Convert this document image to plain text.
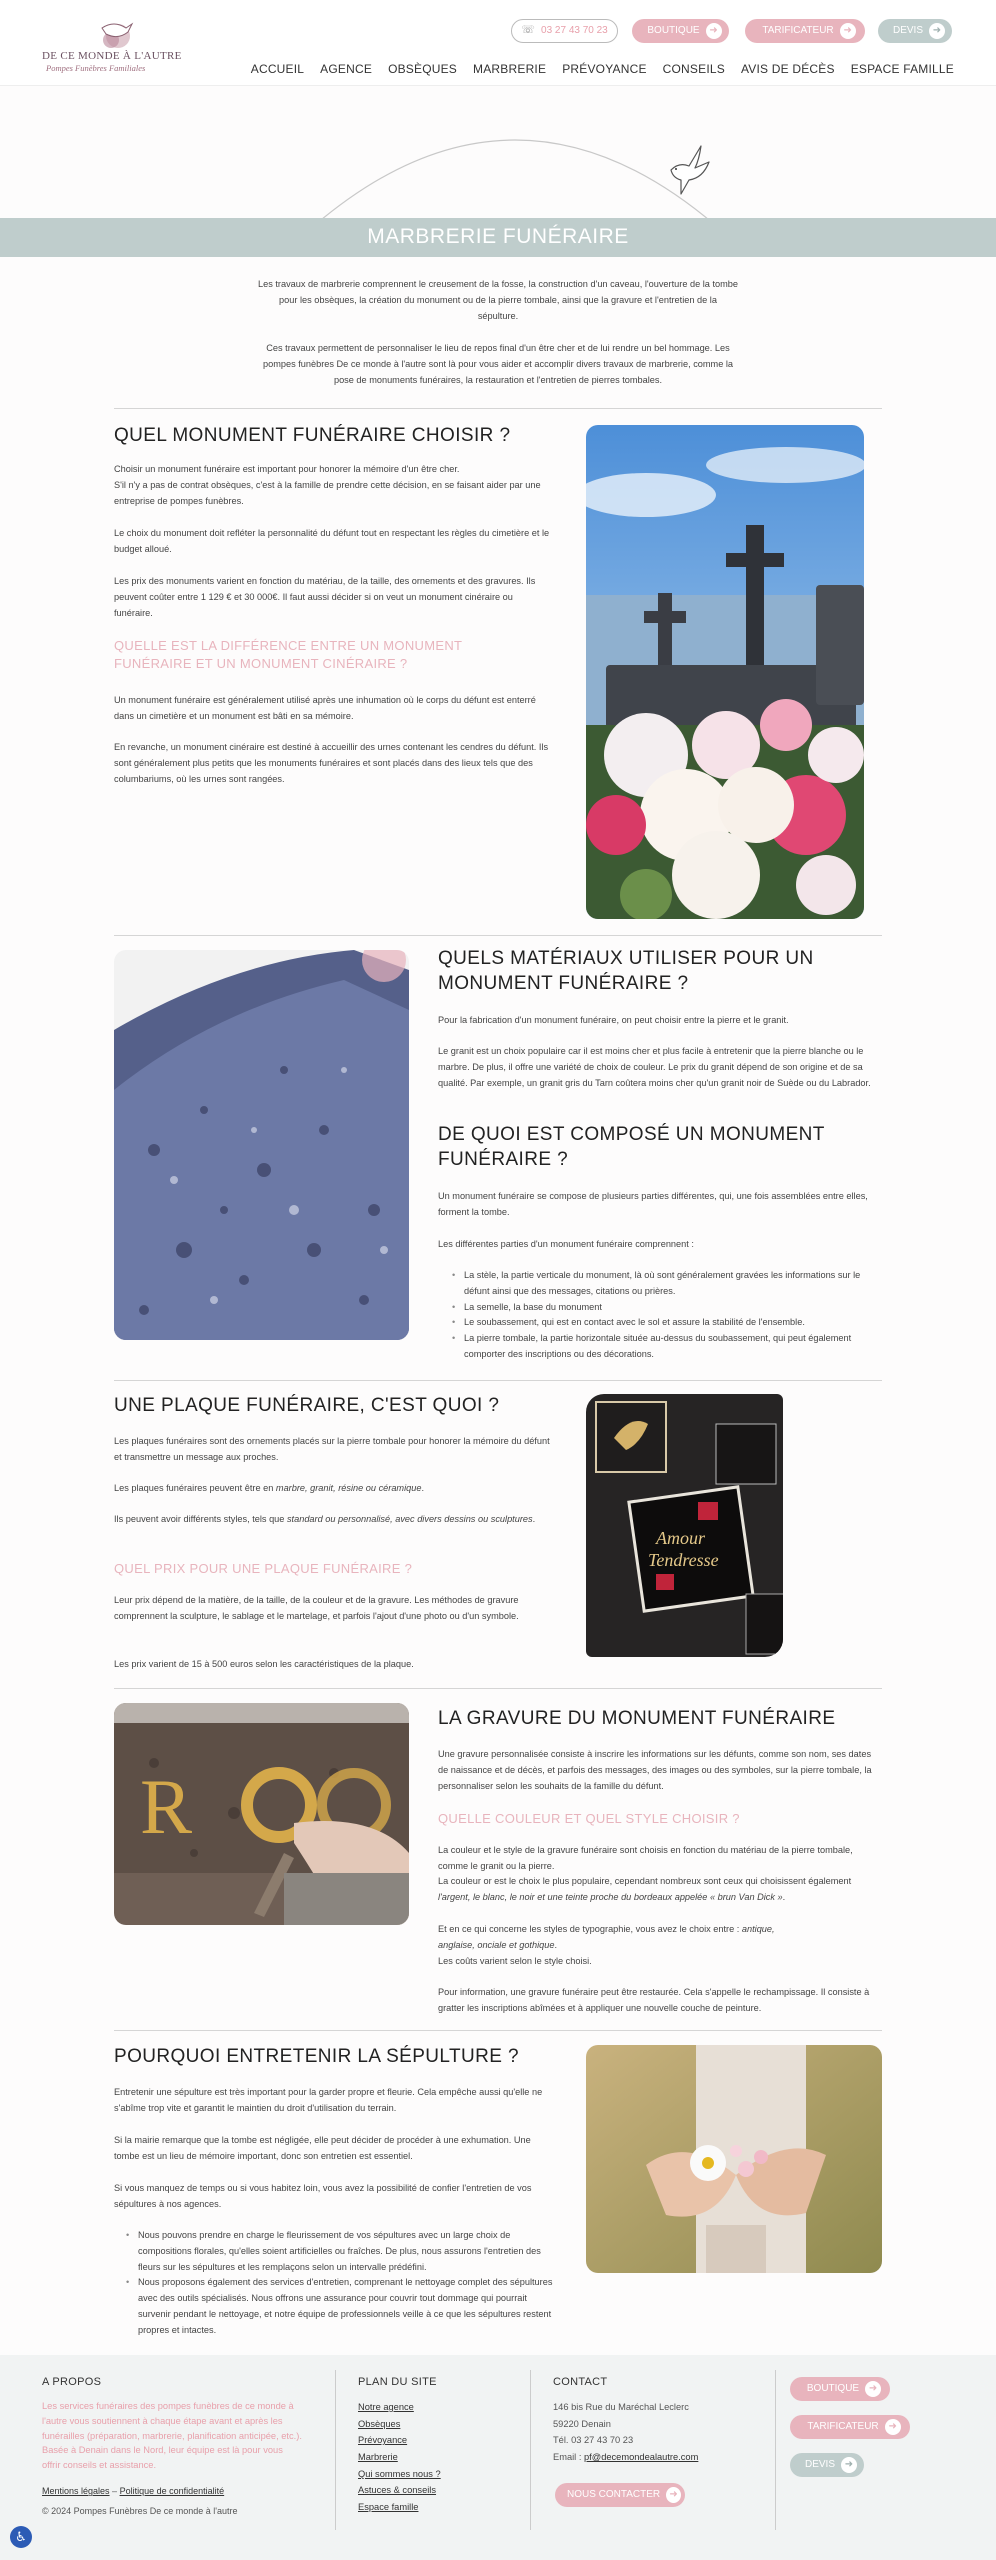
DE CE MONDE À L'AUTRE
Pompes Funèbres Familiales
☏ 03 27 43 70 23	BOUTIQUE ➜	TARIFICATEUR ➜	DEVIS ➜
ACCUEIL AGENCE OBSÈQUES MARBRERIE PRÉVOYANCE CONSEILS AVIS DE DÉCÈS ESPACE FAMILLE
MARBRERIE FUNÉRAIRE

Les travaux de marbrerie comprennent le creusement de la fosse, la construction d'un caveau, l'ouverture de la tombe pour les obsèques, la création du monument ou de la pierre tombale, ainsi que la gravure et l'entretien de la sépulture.

Ces travaux permettent de personnaliser le lieu de repos final d'un être cher et de lui rendre un bel hommage. Les pompes funèbres De ce monde à l'autre sont là pour vous aider et accomplir divers travaux de marbrerie, comme la pose de monuments funéraires, la restauration et l'entretien de pierres tombales.

QUEL MONUMENT FUNÉRAIRE CHOISIR ?

Choisir un monument funéraire est important pour honorer la mémoire d'un être cher.

S'il n'y a pas de contrat obsèques, c'est à la famille de prendre cette décision, en se faisant aider par une entreprise de pompes funèbres.

Le choix du monument doit refléter la personnalité du défunt tout en respectant les règles du cimetière et le budget alloué.

Les prix des monuments varient en fonction du matériau, de la taille, des ornements et des gravures. Ils peuvent coûter entre 1 129 € et 30 000€. Il faut aussi décider si on veut un monument cinéraire ou funéraire.

QUELLE EST LA DIFFÉRENCE ENTRE UN MONUMENT FUNÉRAIRE ET UN MONUMENT CINÉRAIRE ?

Un monument funéraire est généralement utilisé après une inhumation où le corps du défunt est enterré dans un cimetière et un monument est bâti en sa mémoire.

En revanche, un monument cinéraire est destiné à accueillir des urnes contenant les cendres du défunt. Ils sont généralement plus petits que les monuments funéraires et sont placés dans des lieux tels que des columbariums, où les urnes sont rangées.

QUELS MATÉRIAUX UTILISER POUR UN MONUMENT FUNÉRAIRE ?

Pour la fabrication d'un monument funéraire, on peut choisir entre la pierre et le granit.

Le granit est un choix populaire car il est moins cher et plus facile à entretenir que la pierre blanche ou le marbre. De plus, il offre une variété de choix de couleur. Le prix du granit dépend de son origine et de sa qualité. Par exemple, un granit gris du Tarn coûtera moins cher qu'un granit noir de Suède ou du Labrador.

DE QUOI EST COMPOSÉ UN MONUMENT FUNÉRAIRE ?

Un monument funéraire se compose de plusieurs parties différentes, qui, une fois assemblées entre elles, forment la tombe.

Les différentes parties d'un monument funéraire comprennent :

• La stèle, la partie verticale du monument, là où sont généralement gravées les informations sur le défunt ainsi que des messages, citations ou prières.
• La semelle, la base du monument
• Le soubassement, qui est en contact avec le sol et assure la stabilité de l'ensemble.
• La pierre tombale, la partie horizontale située au-dessus du soubassement, qui peut également comporter des inscriptions ou des décorations.
UNE PLAQUE FUNÉRAIRE, C'EST QUOI ?

Les plaques funéraires sont des ornements placés sur la pierre tombale pour honorer la mémoire du défunt et transmettre un message aux proches.

Les plaques funéraires peuvent être en marbre, granit, résine ou céramique.

Ils peuvent avoir différents styles, tels que standard ou personnalisé, avec divers dessins ou sculptures.

QUEL PRIX POUR UNE PLAQUE FUNÉRAIRE ?

Leur prix dépend de la matière, de la taille, de la couleur et de la gravure. Les méthodes de gravure comprennent la sculpture, le sablage et le martelage, et parfois l'ajout d'une photo ou d'un symbole.

Les prix varient de 15 à 500 euros selon les caractéristiques de la plaque.

Amour
Tendresse
R
LA GRAVURE DU MONUMENT FUNÉRAIRE

Une gravure personnalisée consiste à inscrire les informations sur les défunts, comme son nom, ses dates de naissance et de décès, et parfois des messages, des images ou des symboles, sur la pierre tombale, la personnaliser selon les souhaits de la famille du défunt.

QUELLE COULEUR ET QUEL STYLE CHOISIR ?

La couleur et le style de la gravure funéraire sont choisis en fonction du matériau de la pierre tombale, comme le granit ou la pierre.

La couleur or est le choix le plus populaire, cependant nombreux sont ceux qui choisissent également l'argent, le blanc, le noir et une teinte proche du bordeaux appelée « brun Van Dick ».

Et en ce qui concerne les styles de typographie, vous avez le choix entre : antique, anglaise, onciale et gothique.

Les coûts varient selon le style choisi.

Pour information, une gravure funéraire peut être restaurée. Cela s'appelle le rechampissage. Il consiste à gratter les inscriptions abîmées et à appliquer une nouvelle couche de peinture.

POURQUOI ENTRETENIR LA SÉPULTURE ?

Entretenir une sépulture est très important pour la garder propre et fleurie. Cela empêche aussi qu'elle ne s'abîme trop vite et garantit le maintien du droit d'utilisation du terrain.

Si la mairie remarque que la tombe est négligée, elle peut décider de procéder à une exhumation. Une tombe est un lieu de mémoire important, donc son entretien est essentiel.

Si vous manquez de temps ou si vous habitez loin, vous avez la possibilité de confier l'entretien de vos sépultures à nos agences.

• Nous pouvons prendre en charge le fleurissement de vos sépultures avec un large choix de compositions florales, qu'elles soient artificielles ou fraîches. De plus, nous assurons l'entretien des fleurs sur les sépultures et les remplaçons selon un intervalle prédéfini.
• Nous proposons également des services d'entretien, comprenant le nettoyage complet des sépultures avec des outils spécialisés. Nous offrons une assurance pour couvrir tout dommage qui pourrait survenir pendant le nettoyage, et notre équipe de professionnels veille à ce que les sépultures restent propres et intactes.
A PROPOS
Les services funéraires des pompes funèbres de ce monde à l'autre vous soutiennent à chaque étape avant et après les funérailles (préparation, marbrerie, planification anticipée, etc.). Basée à Denain dans le Nord, leur équipe est là pour vous offrir conseils et assistance.
Mentions légales – Politique de confidentialité
© 2024 Pompes Funèbres De ce monde à l'autre
PLAN DU SITE
Notre agence
Obsèques
Prévoyance
Marbrerie
Qui sommes nous ?
Astuces & conseils
Espace famille
CONTACT
146 bis Rue du Maréchal Leclerc
59220 Denain
Tél. 03 27 43 70 23
Email : pf@decemondealautre.com
NOUS CONTACTER ➜
BOUTIQUE ➜
TARIFICATEUR ➜
DEVIS ➜
♿
